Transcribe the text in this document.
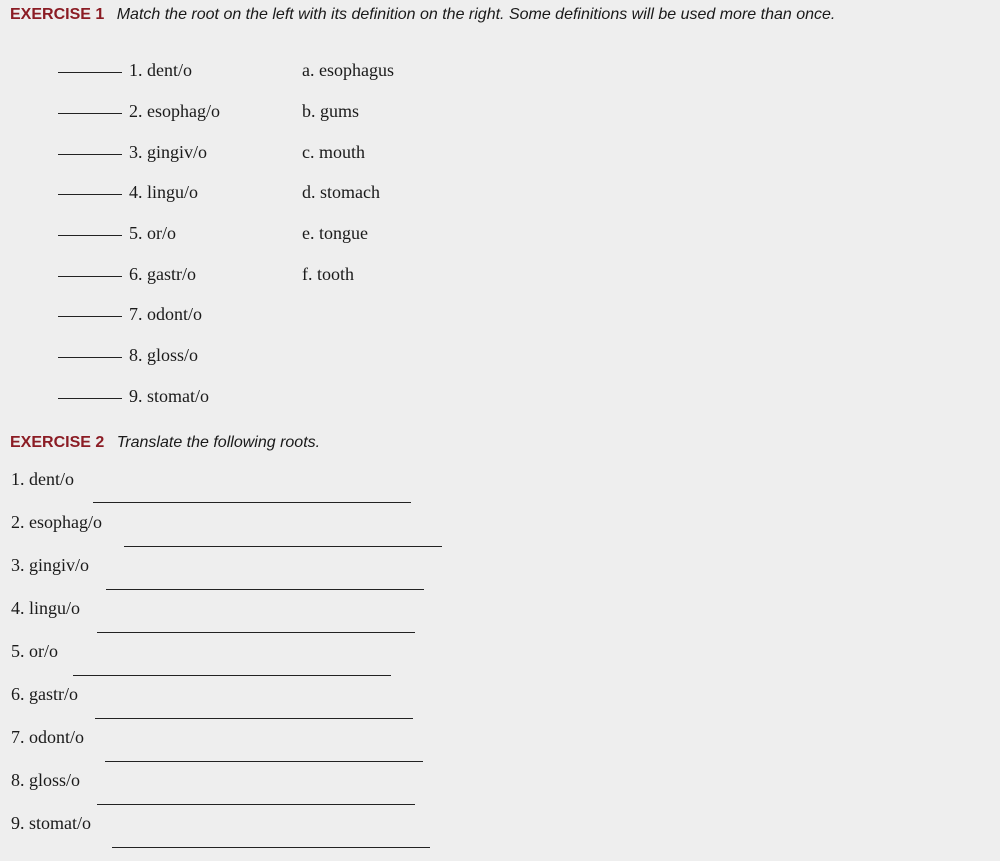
EXERCISE 1 Match the root on the left with its definition on the right. Some definitions will be used more than once.
1. dent/o	a. esophagus
2. esophag/o	b. gums
3. gingiv/o	c. mouth
4. lingu/o	d. stomach
5. or/o	e. tongue
6. gastr/o	f. tooth
7. odont/o
8. gloss/o
9. stomat/o
EXERCISE 2 Translate the following roots.
1. dent/o
2. esophag/o
3. gingiv/o
4. lingu/o
5. or/o
6. gastr/o
7. odont/o
8. gloss/o
9. stomat/o
